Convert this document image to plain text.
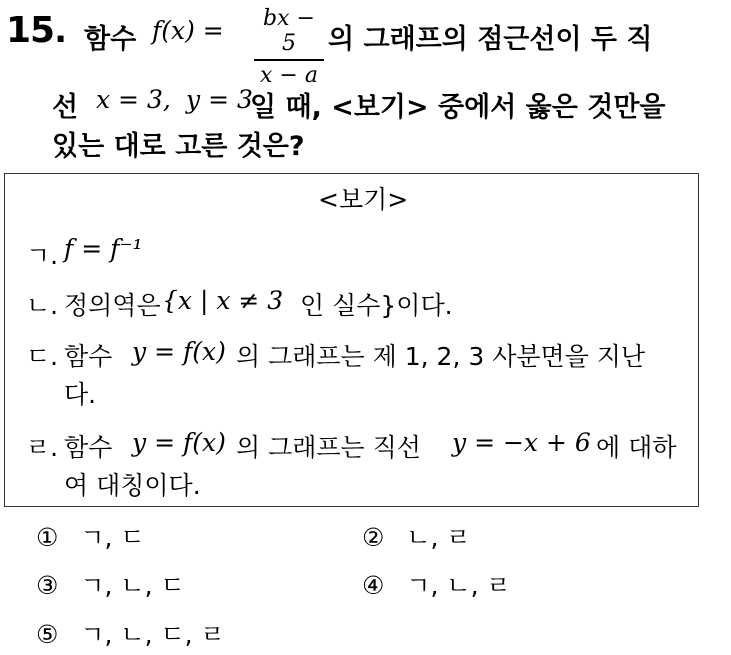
15. 함수 f(x) =	bx − 5
x − a
의 그래프의 점근선이 두 직
선 x = 3, y = 3
일 때, <보기> 중에서 옳은 것만을
있는 대로 고른 것은?
<보기>
ㄱ. f = f⁻¹
ㄴ. 정의역은 {x | x ≠ 3 인 실수}이다.
ㄷ. 함수 y = f(x) 의 그래프는 제 1, 2, 3 사분면을 지난
다.
ㄹ. 함수 y = f(x) 의 그래프는 직선 y = −x + 6 에 대하
여 대칭이다.
① ㄱ, ㄷ	② ㄴ, ㄹ
③ ㄱ, ㄴ, ㄷ	④ ㄱ, ㄴ, ㄹ
⑤ ㄱ, ㄴ, ㄷ, ㄹ
